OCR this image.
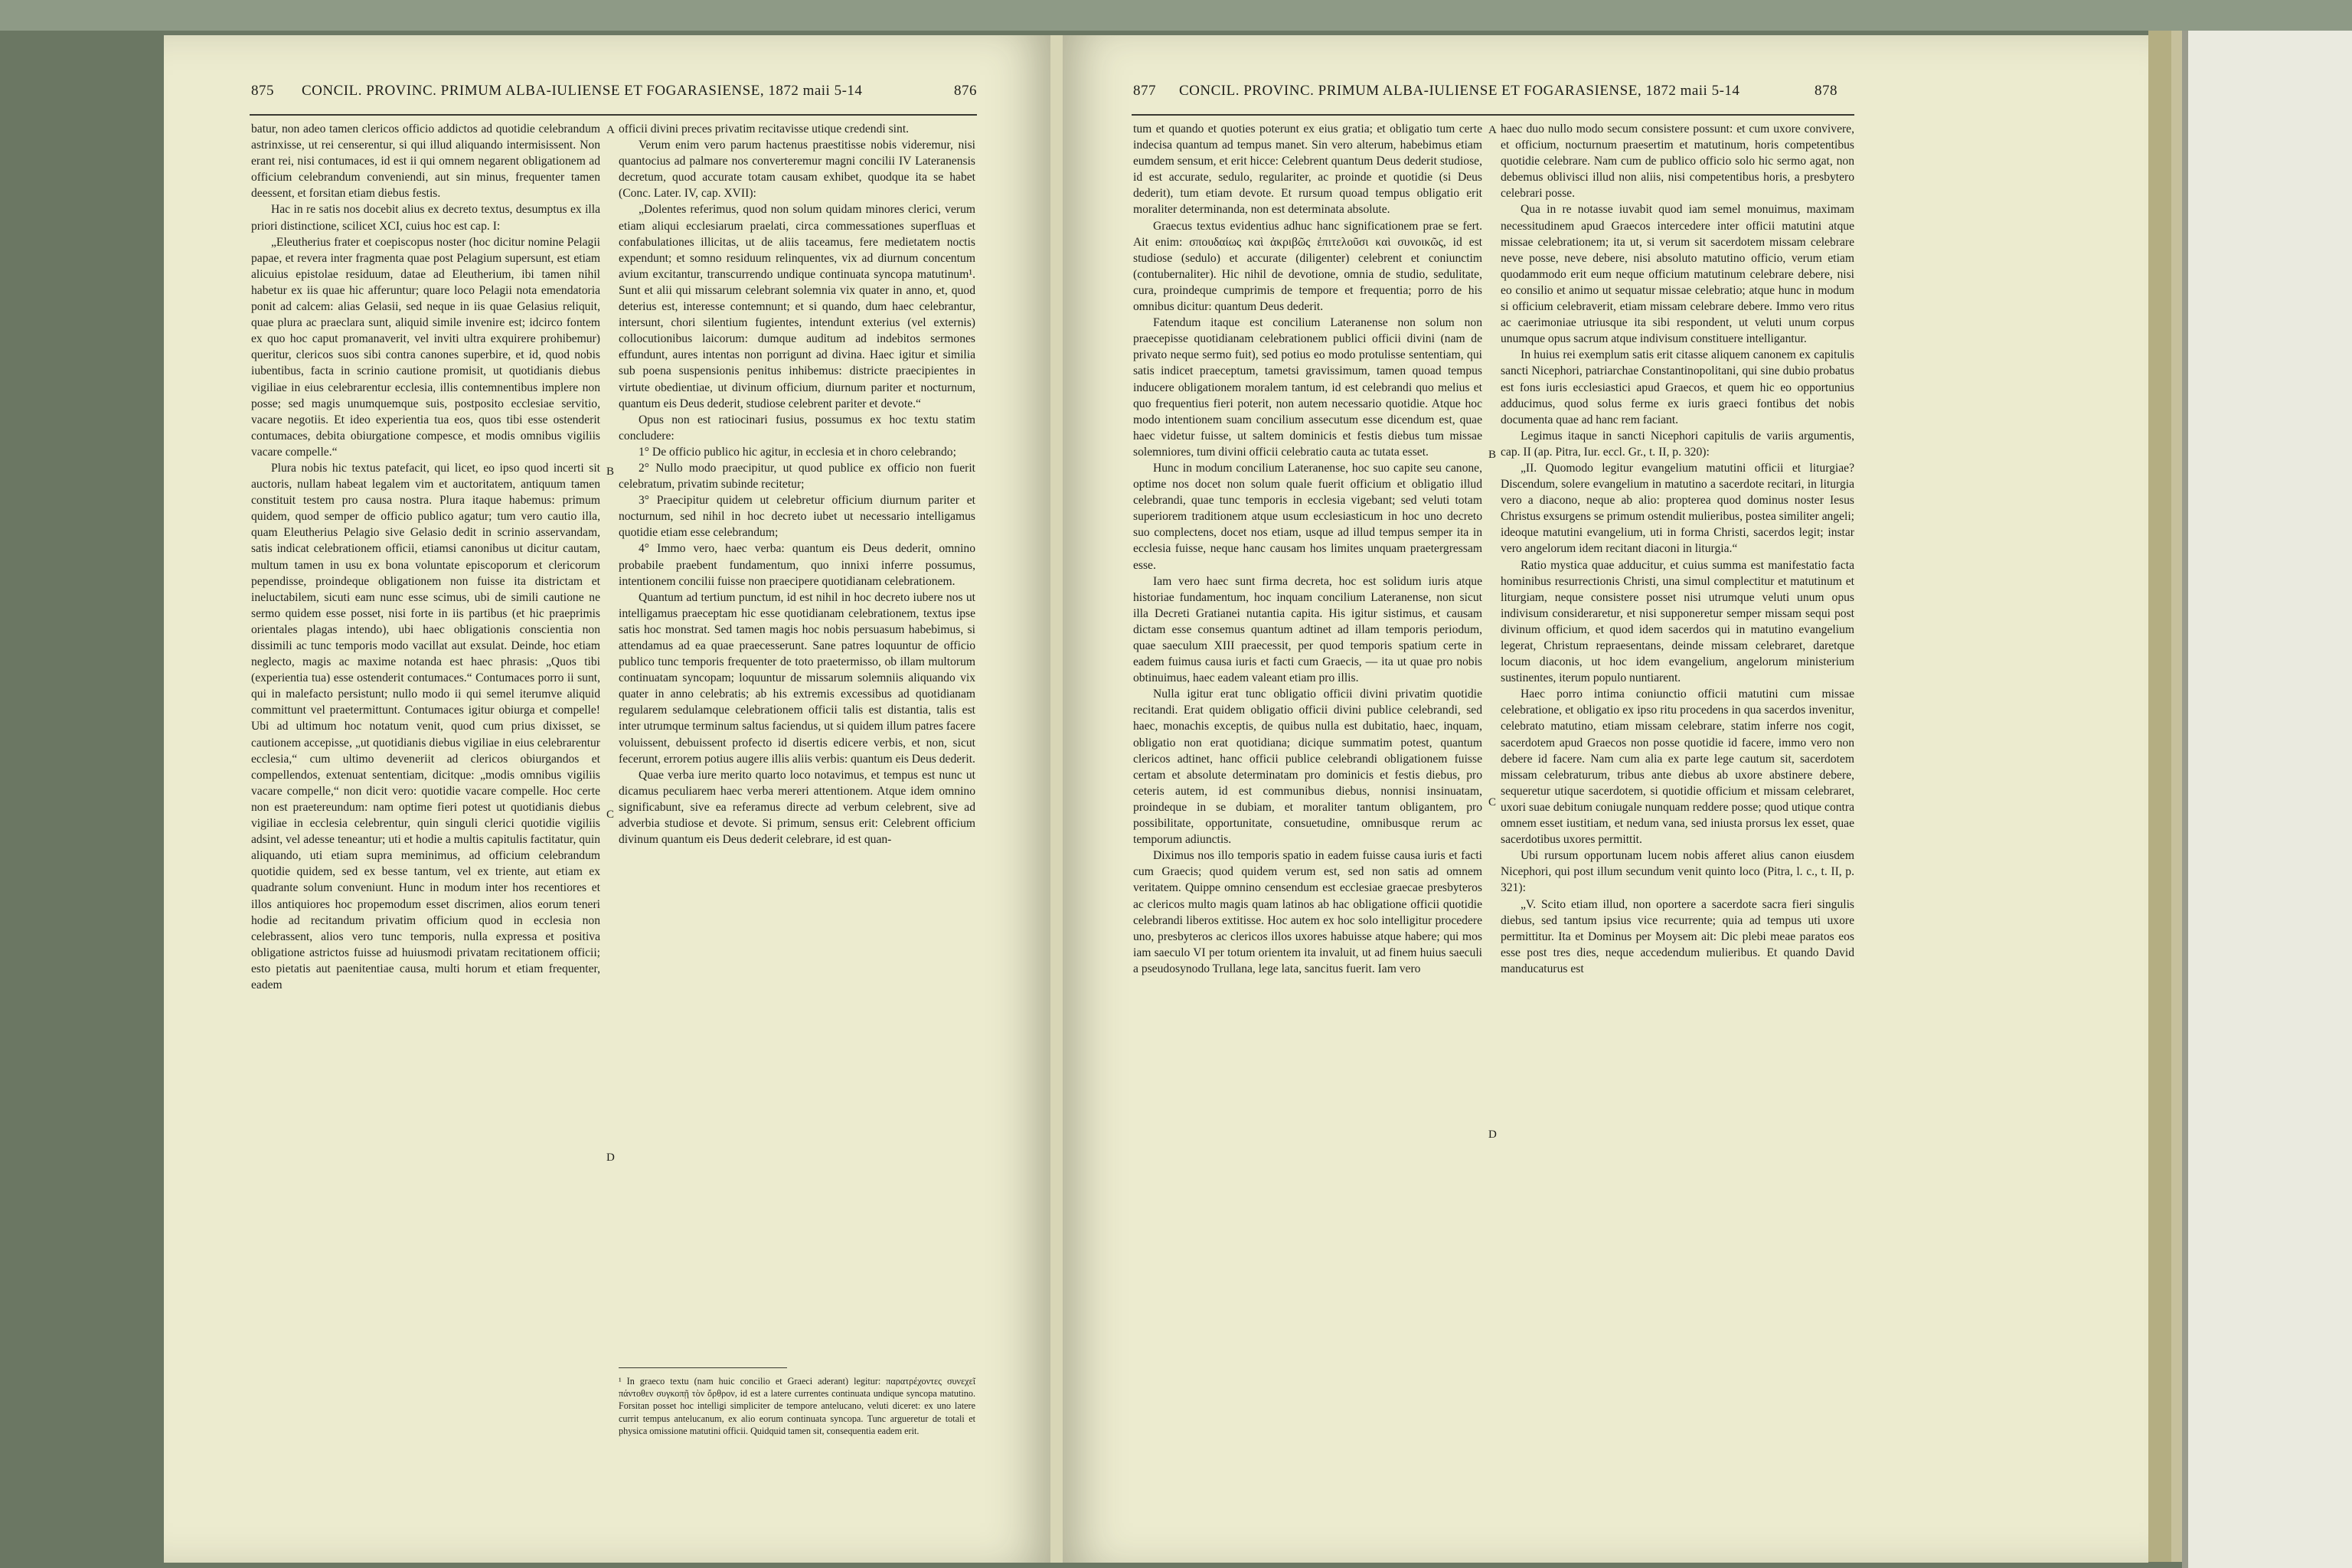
875 CONCIL. PROVINC. PRIMUM ALBA-IULIENSE ET FOGARASIENSE, 1872 maii 5-14	876

batur, non adeo tamen clericos officio addictos ad quotidie celebrandum astrinxisse, ut rei censerentur, si qui illud aliquando intermisissent. Non erant rei, nisi contumaces, id est ii qui omnem negarent obligationem ad officium celebrandum conveniendi, aut sin minus, frequenter tamen deessent, et forsitan etiam diebus festis.

Hac in re satis nos docebit alius ex decreto textus, desumptus ex illa priori distinctione, scilicet XCI, cuius hoc est cap. I:

„Eleutherius frater et coepiscopus noster (hoc dicitur nomine Pelagii papae, et revera inter fragmenta quae post Pelagium supersunt, est etiam alicuius epistolae residuum, datae ad Eleutherium, ibi tamen nihil habetur ex iis quae hic afferuntur; quare loco Pelagii nota emendatoria ponit ad calcem: alias Gelasii, sed neque in iis quae Gelasius reliquit, quae plura ac praeclara sunt, aliquid simile invenire est; idcirco fontem ex quo hoc caput promanaverit, vel inviti ultra exquirere prohibemur) queritur, clericos suos sibi contra canones superbire, et id, quod nobis iubentibus, facta in scrinio cautione promisit, ut quotidianis diebus vigiliae in eius celebrarentur ecclesia, illis contemnentibus implere non posse; sed magis unumquemque suis, postposito ecclesiae servitio, vacare negotiis. Et ideo experientia tua eos, quos tibi esse ostenderit contumaces, debita obiurgatione compesce, et modis omnibus vigiliis vacare compelle.“

Plura nobis hic textus patefacit, qui licet, eo ipso quod incerti sit auctoris, nullam habeat legalem vim et auctoritatem, antiquum tamen constituit testem pro causa nostra. Plura itaque habemus: primum quidem, quod semper de officio publico agatur; tum vero cautio illa, quam Eleutherius Pelagio sive Gelasio dedit in scrinio asservandam, satis indicat celebrationem officii, etiamsi canonibus ut dicitur cautam, multum tamen in usu ex bona voluntate episcoporum et clericorum pependisse, proindeque obligationem non fuisse ita districtam et ineluctabilem, sicuti eam nunc esse scimus, ubi de simili cautione ne sermo quidem esse posset, nisi forte in iis partibus (et hic praeprimis orientales plagas intendo), ubi haec obligationis conscientia non dissimili ac tunc temporis modo vacillat aut exsulat. Deinde, hoc etiam neglecto, magis ac maxime notanda est haec phrasis: „Quos tibi (experientia tua) esse ostenderit contumaces.“ Contumaces porro ii sunt, qui in malefacto persistunt; nullo modo ii qui semel iterumve aliquid committunt vel praetermittunt. Contumaces igitur obiurga et compelle! Ubi ad ultimum hoc notatum venit, quod cum prius dixisset, se cautionem accepisse, „ut quotidianis diebus vigiliae in eius celebrarentur ecclesia,“ cum ultimo deveneriit ad clericos obiurgandos et compellendos, extenuat sententiam, dicitque: „modis omnibus vigiliis vacare compelle,“ non dicit vero: quotidie vacare compelle. Hoc certe non est praetereundum: nam optime fieri potest ut quotidianis diebus vigiliae in ecclesia celebrentur, quin singuli clerici quotidie vigiliis adsint, vel adesse teneantur; uti et hodie a multis capitulis factitatur, quin aliquando, uti etiam supra meminimus, ad officium celebrandum quotidie quidem, sed ex besse tantum, vel ex triente, aut etiam ex quadrante solum conveniunt. Hunc in modum inter hos recentiores et illos antiquiores hoc propemodum esset discrimen, alios eorum teneri hodie ad recitandum privatim officium quod in ecclesia non celebrassent, alios vero tunc temporis, nulla expressa et positiva obligatione astrictos fuisse ad huiusmodi privatam recitationem officii; esto pietatis aut paenitentiae causa, multi horum et etiam frequenter, eadem

officii divini preces privatim recitavisse utique credendi sint.

Verum enim vero parum hactenus praestitisse nobis videremur, nisi quantocius ad palmare nos converteremur magni concilii IV Lateranensis decretum, quod accurate totam causam exhibet, quodque ita se habet (Conc. Later. IV, cap. XVII):

„Dolentes referimus, quod non solum quidam minores clerici, verum etiam aliqui ecclesiarum praelati, circa commessationes superfluas et confabulationes illicitas, ut de aliis taceamus, fere medietatem noctis expendunt; et somno residuum relinquentes, vix ad diurnum concentum avium excitantur, transcurrendo undique continuata syncopa matutinum¹. Sunt et alii qui missarum celebrant solemnia vix quater in anno, et, quod deterius est, interesse contemnunt; et si quando, dum haec celebrantur, intersunt, chori silentium fugientes, intendunt exterius (vel externis) collocutionibus laicorum: dumque auditum ad indebitos sermones effundunt, aures intentas non porrigunt ad divina. Haec igitur et similia sub poena suspensionis penitus inhibemus: districte praecipientes in virtute obedientiae, ut divinum officium, diurnum pariter et nocturnum, quantum eis Deus dederit, studiose celebrent pariter et devote.“

Opus non est ratiocinari fusius, possumus ex hoc textu statim concludere:

1° De officio publico hic agitur, in ecclesia et in choro celebrando;

2° Nullo modo praecipitur, ut quod publice ex officio non fuerit celebratum, privatim subinde recitetur;

3° Praecipitur quidem ut celebretur officium diurnum pariter et nocturnum, sed nihil in hoc decreto iubet ut necessario intelligamus quotidie etiam esse celebrandum;

4° Immo vero, haec verba: quantum eis Deus dederit, omnino probabile praebent fundamentum, quo innixi inferre possumus, intentionem concilii fuisse non praecipere quotidianam celebrationem.

Quantum ad tertium punctum, id est nihil in hoc decreto iubere nos ut intelligamus praeceptam hic esse quotidianam celebrationem, textus ipse satis hoc monstrat. Sed tamen magis hoc nobis persuasum habebimus, si attendamus ad ea quae praecesserunt. Sane patres loquuntur de officio publico tunc temporis frequenter de toto praetermisso, ob illam multorum continuatam syncopam; loquuntur de missarum solemniis aliquando vix quater in anno celebratis; ab his extremis excessibus ad quotidianam regularem sedulamque celebrationem officii talis est distantia, talis est inter utrumque terminum saltus faciendus, ut si quidem illum patres facere voluissent, debuissent profecto id disertis edicere verbis, et non, sicut fecerunt, errorem potius augere illis aliis verbis: quantum eis Deus dederit.

Quae verba iure merito quarto loco notavimus, et tempus est nunc ut dicamus peculiarem haec verba mereri attentionem. Atque idem omnino significabunt, sive ea referamus directe ad verbum celebrent, sive ad adverbia studiose et devote. Si primum, sensus erit: Celebrent officium divinum quantum eis Deus dederit celebrare, id est quan-

A
B
C
D
¹ In graeco textu (nam huic concilio et Graeci aderant) legitur: παρατρέχοντες συνεχεῖ πάντοθεν συγκοπῇ τὸν ὄρθρον, id est a latere currentes continuata undique syncopa matutino. Forsitan posset hoc intelligi simpliciter de tempore antelucano, veluti diceret: ex uno latere currit tempus antelucanum, ex alio eorum continuata syncopa. Tunc argueretur de totali et physica omissione matutini officii. Quidquid tamen sit, consequentia eadem erit.
877 CONCIL. PROVINC. PRIMUM ALBA-IULIENSE ET FOGARASIENSE, 1872 maii 5-14	878

tum et quando et quoties poterunt ex eius gratia; et obligatio tum certe indecisa quantum ad tempus manet. Sin vero alterum, habebimus etiam eumdem sensum, et erit hicce: Celebrent quantum Deus dederit studiose, id est accurate, sedulo, regulariter, ac proinde et quotidie (si Deus dederit), tum etiam devote. Et rursum quoad tempus obligatio erit moraliter determinanda, non est determinata absolute.

Graecus textus evidentius adhuc hanc significationem prae se fert. Ait enim: σπουδαίως καὶ ἀκριβῶς ἐπιτελοῦσι καὶ συνοικῶς, id est studiose (sedulo) et accurate (diligenter) celebrent et coniunctim (contubernaliter). Hic nihil de devotione, omnia de studio, sedulitate, cura, proindeque cumprimis de tempore et frequentia; porro de his omnibus dicitur: quantum Deus dederit.

Fatendum itaque est concilium Lateranense non solum non praecepisse quotidianam celebrationem publici officii divini (nam de privato neque sermo fuit), sed potius eo modo protulisse sententiam, qui satis indicet praeceptum, tametsi gravissimum, tamen quoad tempus inducere obligationem moralem tantum, id est celebrandi quo melius et quo frequentius fieri poterit, non autem necessario quotidie. Atque hoc modo intentionem suam concilium assecutum esse dicendum est, quae haec videtur fuisse, ut saltem dominicis et festis diebus tum missae solemniores, tum divini officii celebratio cauta ac tutata esset.

Hunc in modum concilium Lateranense, hoc suo capite seu canone, optime nos docet non solum quale fuerit officium et obligatio illud celebrandi, quae tunc temporis in ecclesia vigebant; sed veluti totam superiorem traditionem atque usum ecclesiasticum in hoc uno decreto suo complectens, docet nos etiam, usque ad illud tempus semper ita in ecclesia fuisse, neque hanc causam hos limites unquam praetergressam esse.

Iam vero haec sunt firma decreta, hoc est solidum iuris atque historiae fundamentum, hoc inquam concilium Lateranense, non sicut illa Decreti Gratianei nutantia capita. His igitur sistimus, et causam dictam esse consemus quantum adtinet ad illam temporis periodum, quae saeculum XIII praecessit, per quod temporis spatium certe in eadem fuimus causa iuris et facti cum Graecis, — ita ut quae pro nobis obtinuimus, haec eadem valeant etiam pro illis.

Nulla igitur erat tunc obligatio officii divini privatim quotidie recitandi. Erat quidem obligatio officii divini publice celebrandi, sed haec, monachis exceptis, de quibus nulla est dubitatio, haec, inquam, obligatio non erat quotidiana; dicique summatim potest, quantum clericos adtinet, hanc officii publice celebrandi obligationem fuisse certam et absolute determinatam pro dominicis et festis diebus, pro ceteris autem, id est communibus diebus, nonnisi insinuatam, proindeque in se dubiam, et moraliter tantum obligantem, pro possibilitate, opportunitate, consuetudine, omnibusque rerum ac temporum adiunctis.

Diximus nos illo temporis spatio in eadem fuisse causa iuris et facti cum Graecis; quod quidem verum est, sed non satis ad omnem veritatem. Quippe omnino censendum est ecclesiae graecae presbyteros ac clericos multo magis quam latinos ab hac obligatione officii quotidie celebrandi liberos extitisse. Hoc autem ex hoc solo intelligitur procedere uno, presbyteros ac clericos illos uxores habuisse atque habere; qui mos iam saeculo VI per totum orientem ita invaluit, ut ad finem huius saeculi a pseudosynodo Trullana, lege lata, sancitus fuerit. Iam vero

haec duo nullo modo secum consistere possunt: et cum uxore convivere, et officium, nocturnum praesertim et matutinum, horis competentibus quotidie celebrare. Nam cum de publico officio solo hic sermo agat, non debemus oblivisci illud non aliis, nisi competentibus horis, a presbytero celebrari posse.

Qua in re notasse iuvabit quod iam semel monuimus, maximam necessitudinem apud Graecos intercedere inter officii matutini atque missae celebrationem; ita ut, si verum sit sacerdotem missam celebrare neve posse, neve debere, nisi absoluto matutino officio, verum etiam quodammodo erit eum neque officium matutinum celebrare debere, nisi eo consilio et animo ut sequatur missae celebratio; atque hunc in modum si officium celebraverit, etiam missam celebrare debere. Immo vero ritus ac caerimoniae utriusque ita sibi respondent, ut veluti unum corpus unumque opus sacrum atque indivisum constituere intelligantur.

In huius rei exemplum satis erit citasse aliquem canonem ex capitulis sancti Nicephori, patriarchae Constantinopolitani, qui sine dubio probatus est fons iuris ecclesiastici apud Graecos, et quem hic eo opportunius adducimus, quod solus ferme ex iuris graeci fontibus det nobis documenta quae ad hanc rem faciant.

Legimus itaque in sancti Nicephori capitulis de variis argumentis, cap. II (ap. Pitra, Iur. eccl. Gr., t. II, p. 320):

„II. Quomodo legitur evangelium matutini officii et liturgiae? Discendum, solere evangelium in matutino a sacerdote recitari, in liturgia vero a diacono, neque ab alio: propterea quod dominus noster Iesus Christus exsurgens se primum ostendit mulieribus, postea similiter angeli; ideoque matutini evangelium, uti in forma Christi, sacerdos legit; instar vero angelorum idem recitant diaconi in liturgia.“

Ratio mystica quae adducitur, et cuius summa est manifestatio facta hominibus resurrectionis Christi, una simul complectitur et matutinum et liturgiam, neque consistere posset nisi utrumque veluti unum opus indivisum consideraretur, et nisi supponeretur semper missam sequi post divinum officium, et quod idem sacerdos qui in matutino evangelium legerat, Christum repraesentans, deinde missam celebraret, daretque locum diaconis, ut hoc idem evangelium, angelorum ministerium sustinentes, iterum populo nuntiarent.

Haec porro intima coniunctio officii matutini cum missae celebratione, et obligatio ex ipso ritu procedens in qua sacerdos invenitur, celebrato matutino, etiam missam celebrare, statim inferre nos cogit, sacerdotem apud Graecos non posse quotidie id facere, immo vero non debere id facere. Nam cum alia ex parte lege cautum sit, sacerdotem missam celebraturum, tribus ante diebus ab uxore abstinere debere, sequeretur utique sacerdotem, si quotidie officium et missam celebraret, uxori suae debitum coniugale nunquam reddere posse; quod utique contra omnem esset iustitiam, et nedum vana, sed iniusta prorsus lex esset, quae sacerdotibus uxores permittit.

Ubi rursum opportunam lucem nobis afferet alius canon eiusdem Nicephori, qui post illum secundum venit quinto loco (Pitra, l. c., t. II, p. 321):

„V. Scito etiam illud, non oportere a sacerdote sacra fieri singulis diebus, sed tantum ipsius vice recurrente; quia ad tempus uti uxore permittitur. Ita et Dominus per Moysem ait: Dic plebi meae paratos eos esse post tres dies, neque accedendum mulieribus. Et quando David manducaturus est

A
B
C
D
